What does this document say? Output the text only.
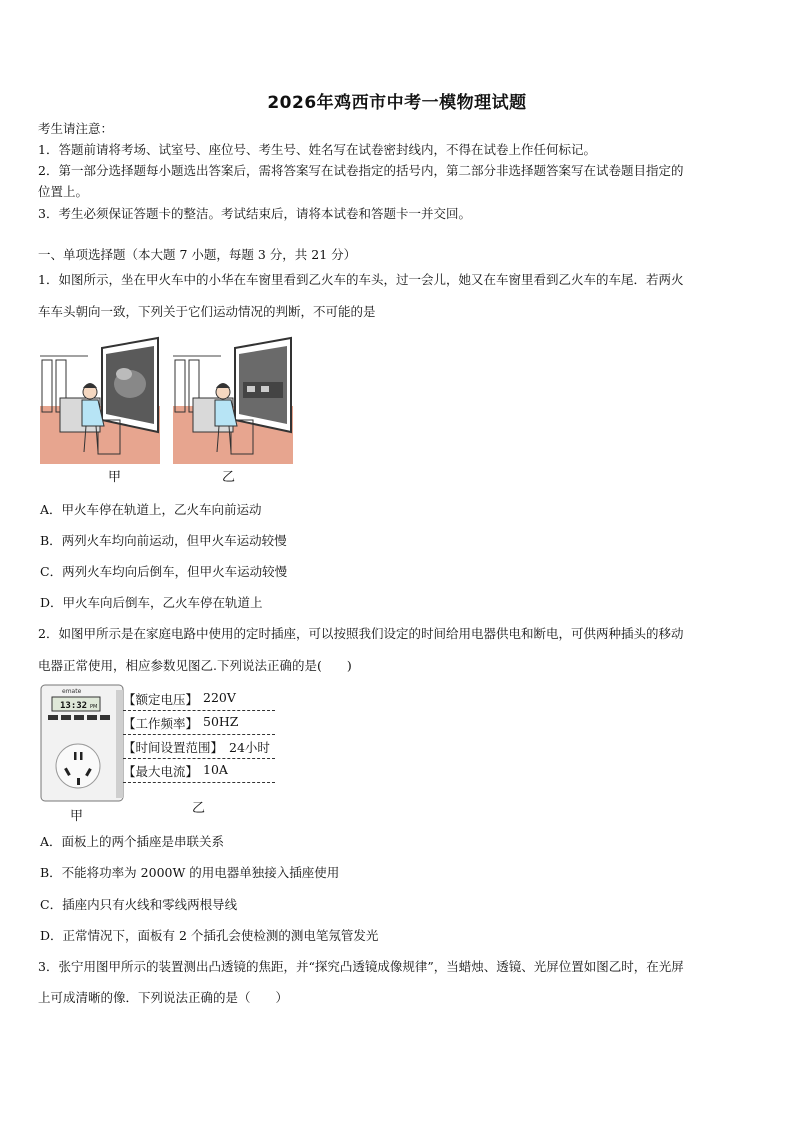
2026年鸡西市中考一模物理试题
考生请注意：
1．答题前请将考场、试室号、座位号、考生号、姓名写在试卷密封线内，不得在试卷上作任何标记。
2．第一部分选择题每小题选出答案后，需将答案写在试卷指定的括号内，第二部分非选择题答案写在试卷题目指定的
位置上。
3．考生必须保证答题卡的整洁。考试结束后，请将本试卷和答题卡一并交回。
一、单项选择题（本大题 7 小题，每题 3 分，共 21 分）
1．如图所示，坐在甲火车中的小华在车窗里看到乙火车的车头，过一会儿，她又在车窗里看到乙火车的车尾．若两火
车车头朝向一致，下列关于它们运动情况的判断，不可能的是
甲	乙
A．甲火车停在轨道上，乙火车向前运动
B．两列火车均向前运动，但甲火车运动较慢
C．两列火车均向后倒车，但甲火车运动较慢
D．甲火车向后倒车，乙火车停在轨道上
2．如图甲所示是在家庭电路中使用的定时插座，可以按照我们设定的时间给用电器供电和断电，可供两种插头的移动
电器正常使用，相应参数见图乙.下列说法正确的是(　　)
emate
13:32 PM 【额定电压】 220V
【工作频率】 50HZ
【时间设置范围】 24小时
【最大电流】 10A
甲
乙
A．面板上的两个插座是串联关系
B．不能将功率为 2000W 的用电器单独接入插座使用
C．插座内只有火线和零线两根导线
D．正常情况下，面板有 2 个插孔会使检测的测电笔氖管发光
3．张宁用图甲所示的装置测出凸透镜的焦距，并“探究凸透镜成像规律”，当蜡烛、透镜、光屏位置如图乙时，在光屏
上可成清晰的像．下列说法正确的是（　　）
